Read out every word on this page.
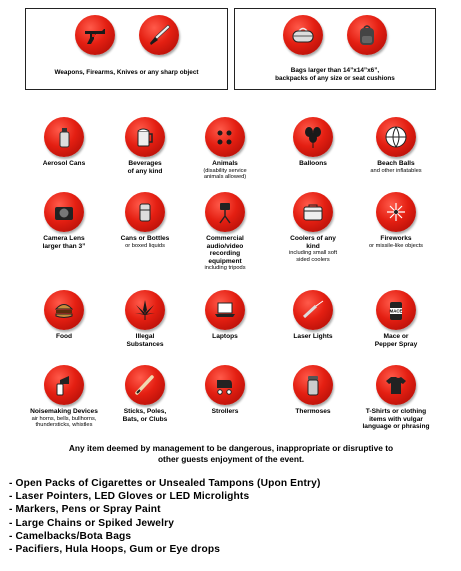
Weapons, Firearms, Knives or any sharp object	Bags larger than 14”x14”x6”,
backpacks of any size or seat cushions
Aerosol Cans	Beverages
of any kind
Animals
(disability service
animals allowed)
Balloons	Beach Balls
and other inflatables
Camera Lens
larger than 3”
Cans or Bottles
or boxed liquids
Commercial
audio/video
recording
equipment
including tripods
Coolers of any
kind
including small soft
sided coolers
Fireworks
or missile-like objects
Food	Illegal
Substances
Laptops	Laser Lights
MACE
Mace or
Pepper Spray
Noisemaking Devices
air horns, bells, bullhorns,
thundersticks, whistles
Sticks, Poles,
Bats, or Clubs
Strollers	Thermoses	T-Shirts or clothing
items with vulgar
language or phrasing
Any item deemed by management to be dangerous, inappropriate or disruptive to
other guests enjoyment of the event.
- Open Packs of Cigarettes or Unsealed Tampons (Upon Entry)
- Laser Pointers, LED Gloves or LED Microlights
- Markers, Pens or Spray Paint
- Large Chains or Spiked Jewelry
- Camelbacks/Bota Bags
- Pacifiers, Hula Hoops, Gum or Eye drops
